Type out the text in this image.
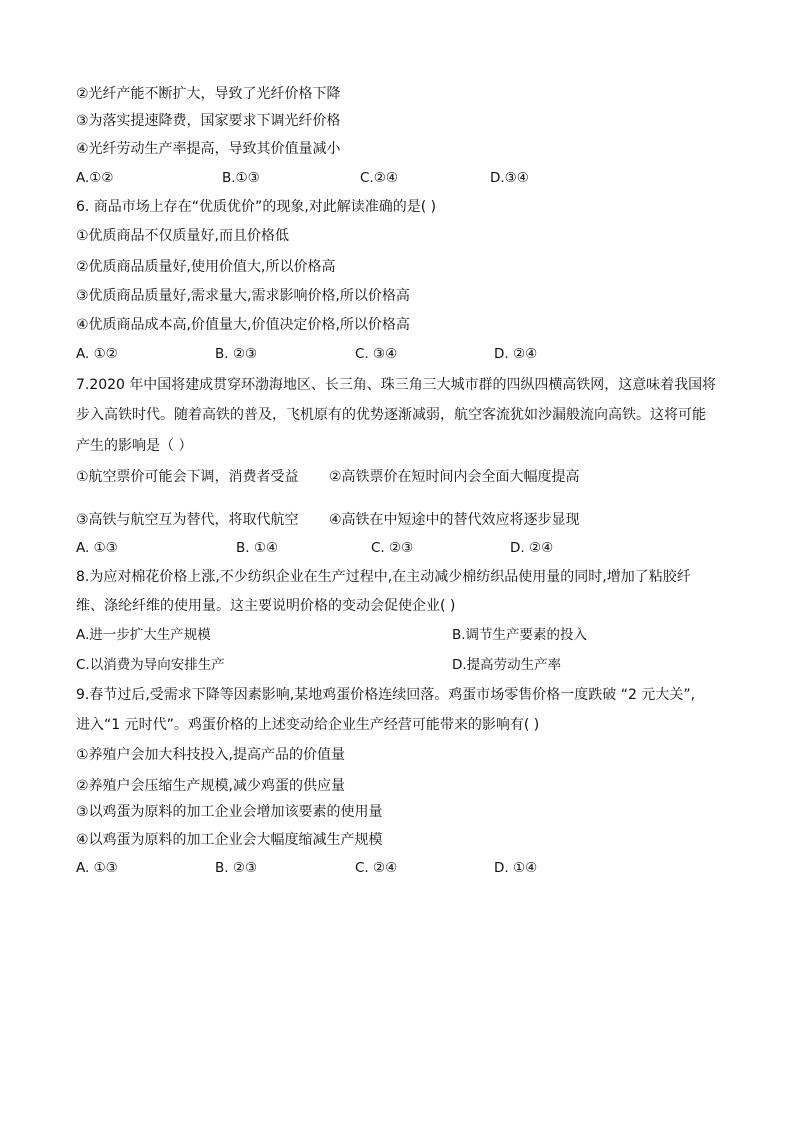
②光纤产能不断扩大，导致了光纤价格下降
③为落实提速降费，国家要求下调光纤价格
④光纤劳动生产率提高，导致其价值量减小
A.①②	B.①③	C.②④	D.③④
6. 商品市场上存在“优质优价”的现象,对此解读准确的是( )
①优质商品不仅质量好,而且价格低
②优质商品质量好,使用价值大,所以价格高
③优质商品质量好,需求量大,需求影响价格,所以价格高
④优质商品成本高,价值量大,价值决定价格,所以价格高
A. ①②	B. ②③	C. ③④	D. ②④
7.2020 年中国将建成贯穿环渤海地区、长三角、珠三角三大城市群的四纵四横高铁网，这意味着我国将
步入高铁时代。随着高铁的普及，飞机原有的优势逐渐减弱，航空客流犹如沙漏般流向高铁。这将可能
产生的影响是（ ）
①航空票价可能会下调，消费者受益 ②高铁票价在短时间内会全面大幅度提高
③高铁与航空互为替代，将取代航空 ④高铁在中短途中的替代效应将逐步显现
A. ①③	B. ①④	C. ②③	D. ②④
8.为应对棉花价格上涨,不少纺织企业在生产过程中,在主动减少棉纺织品使用量的同时,增加了粘胶纤
维、涤纶纤维的使用量。这主要说明价格的变动会促使企业( )
A.进一步扩大生产规模	B.调节生产要素的投入
C.以消费为导向安排生产	D.提高劳动生产率
9.春节过后,受需求下降等因素影响,某地鸡蛋价格连续回落。鸡蛋市场零售价格一度跌破 “2 元大关”,
进入“1 元时代”。鸡蛋价格的上述变动给企业生产经营可能带来的影响有( )
①养殖户会加大科技投入,提高产品的价值量
②养殖户会压缩生产规模,减少鸡蛋的供应量
③以鸡蛋为原料的加工企业会增加该要素的使用量
④以鸡蛋为原料的加工企业会大幅度缩减生产规模
A. ①③	B. ②③	C. ②④	D. ①④
